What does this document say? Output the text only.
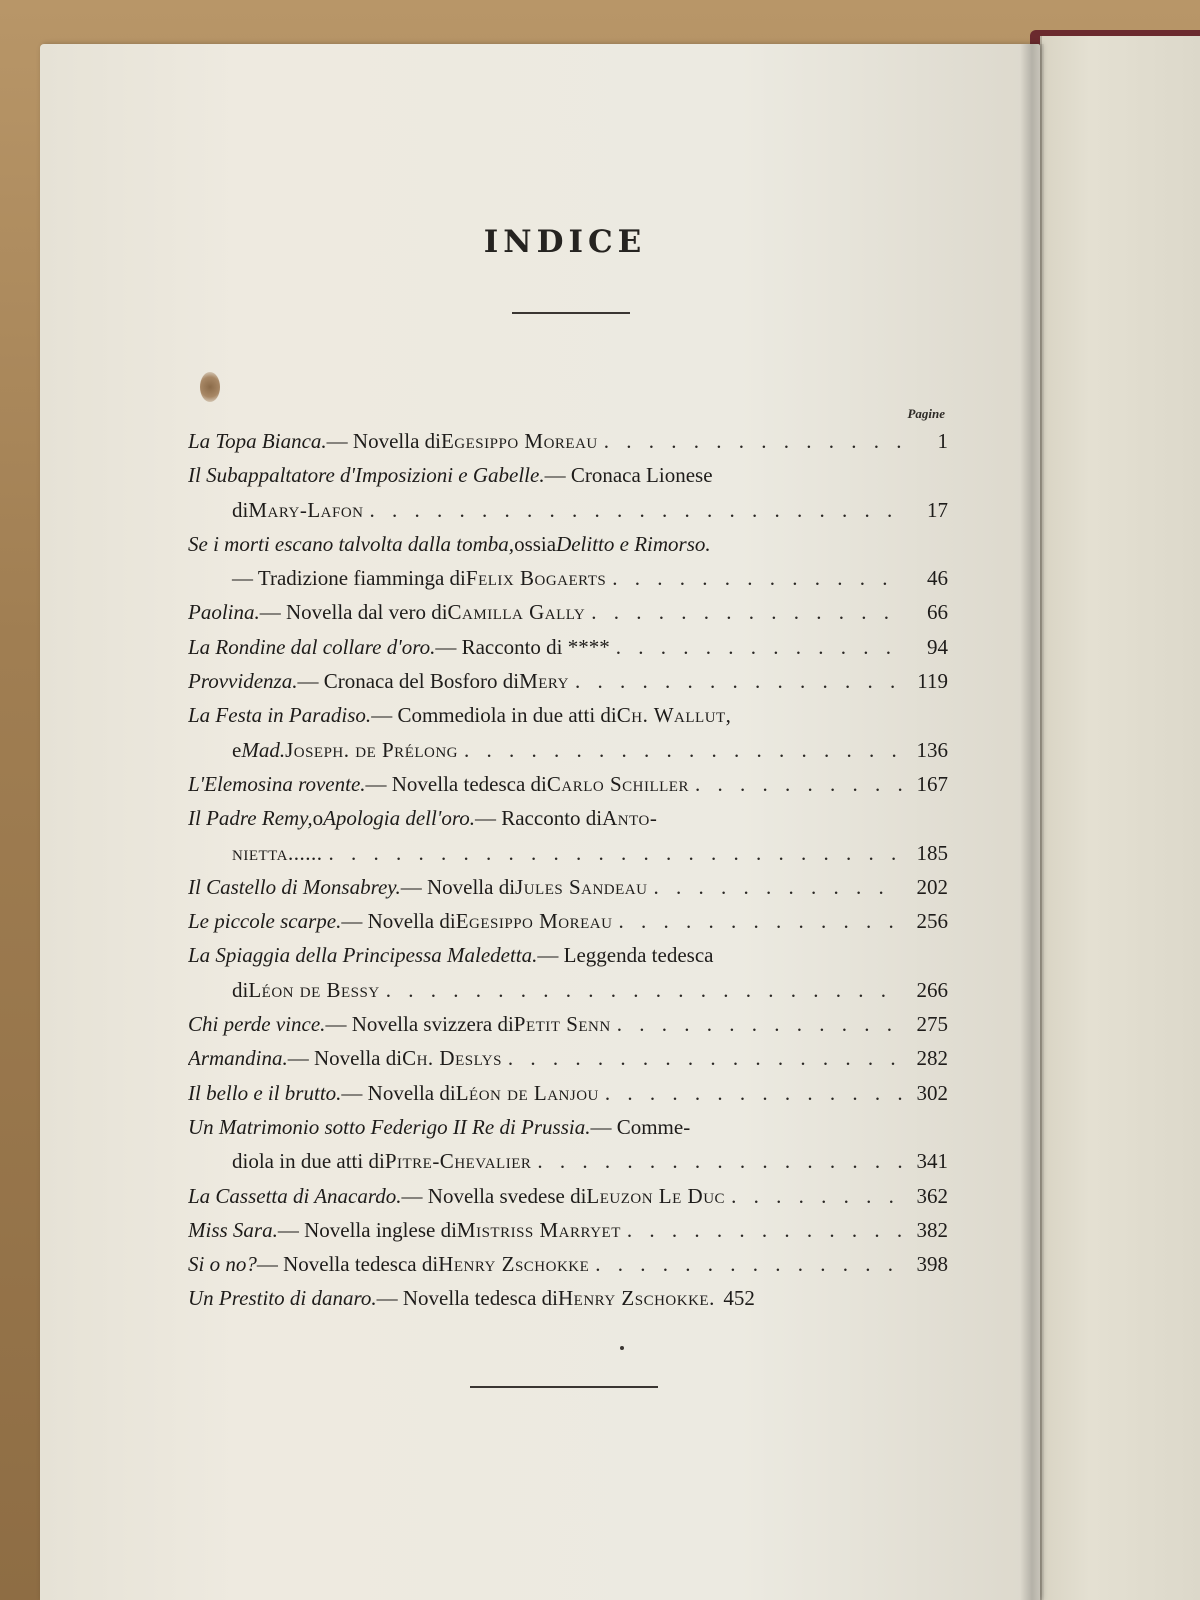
INDICE
Pagine
La Topa Bianca. — Novella di Egesippo Moreau . . .	1
Il Subappaltatore d'Imposizioni e Gabelle. — Cronaca Lionese
di Mary-Lafon . . .	17
Se i morti escano talvolta dalla tomba, ossia Delitto e Rimorso.
— Tradizione fiamminga di Felix Bogaerts . . .	46
Paolina. — Novella dal vero di Camilla Gally . . .	66
La Rondine dal collare d'oro. — Racconto di **** . . .	94
Provvidenza. — Cronaca del Bosforo di Mery . . .	119
La Festa in Paradiso. — Commediola in due atti di Ch. Wallut,
e Mad. Joseph. de Prélong . . .	136
L'Elemosina rovente. — Novella tedesca di Carlo Schiller . . .	167
Il Padre Remy, o Apologia dell'oro. — Racconto di Anto-
nietta...... . . .	185
Il Castello di Monsabrey. — Novella di Jules Sandeau . . .	202
Le piccole scarpe. — Novella di Egesippo Moreau . . .	256
La Spiaggia della Principessa Maledetta. — Leggenda tedesca
di Léon de Bessy . . .	266
Chi perde vince. — Novella svizzera di Petit Senn . . .	275
Armandina. — Novella di Ch. Deslys . . .	282
Il bello e il brutto. — Novella di Léon de Lanjou . . .	302
Un Matrimonio sotto Federigo II Re di Prussia. — Comme-
diola in due atti di Pitre-Chevalier . . .	341
La Cassetta di Anacardo. — Novella svedese di Leuzon Le Duc . . .	362
Miss Sara. — Novella inglese di Mistriss Marryet . . .	382
Si o no? — Novella tedesca di Henry Zschokke . . .	398
Un Prestito di danaro. — Novella tedesca di Henry Zschokke. 452
